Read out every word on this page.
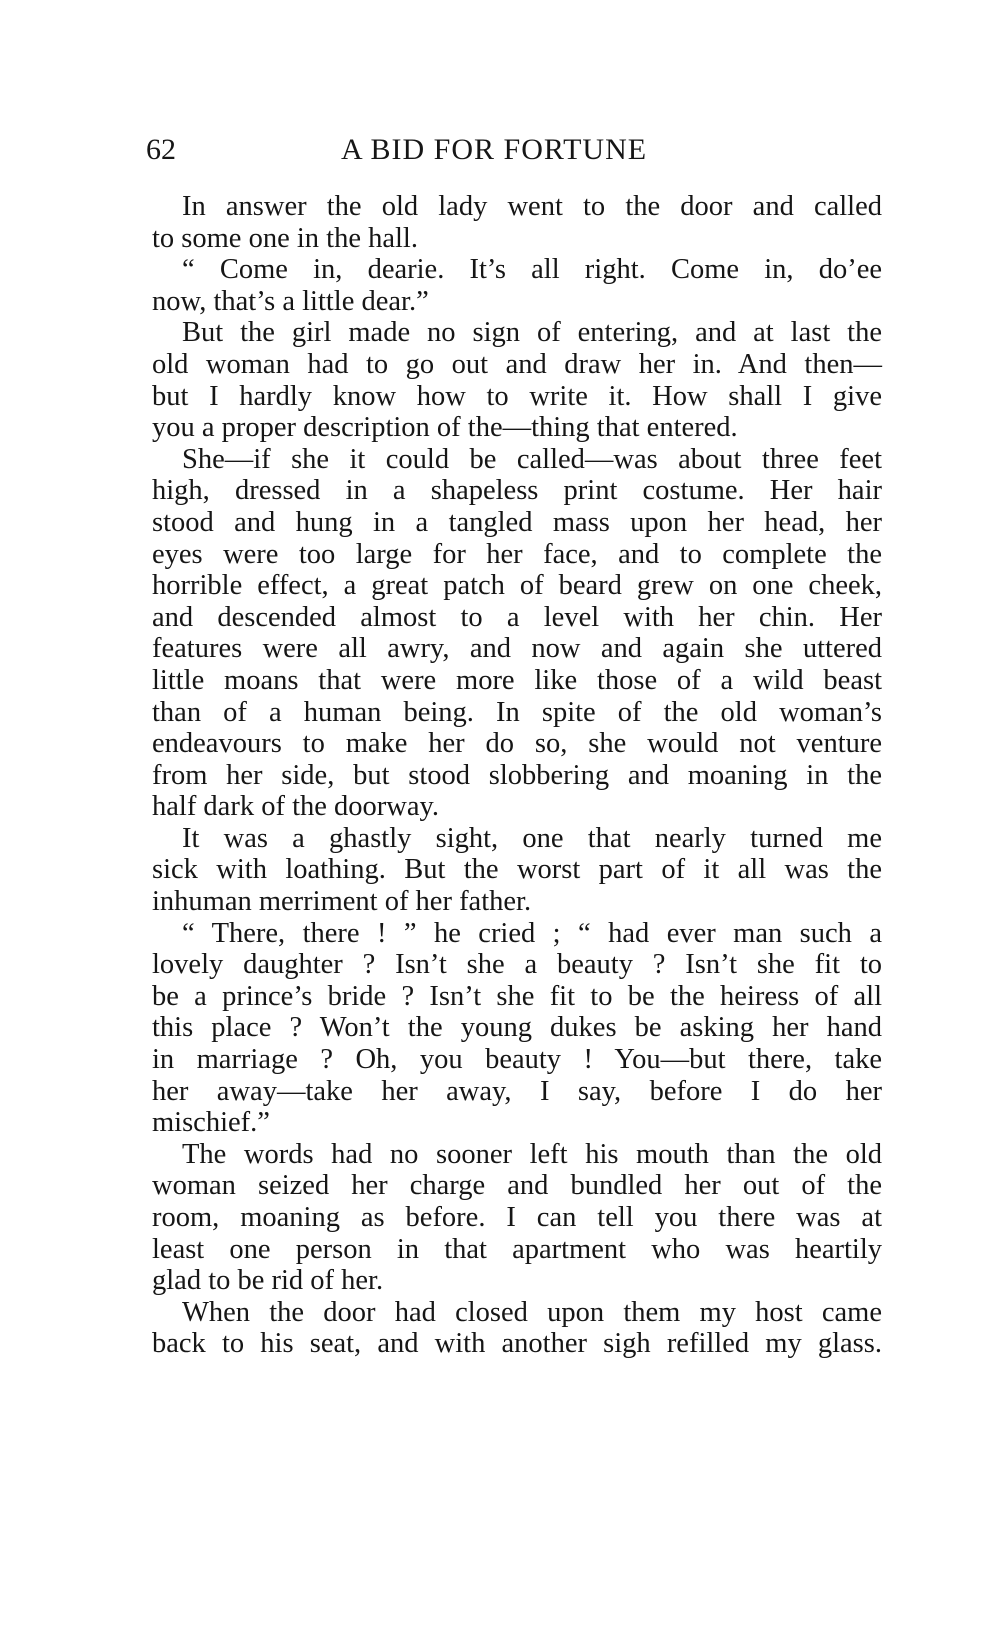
62	A BID FOR FORTUNE

In answer the old lady went to the door and called
to some one in the hall.

“ Come in, dearie. It’s all right. Come in, do’ee
now, that’s a little dear.”

But the girl made no sign of entering, and at last the
old woman had to go out and draw her in. And then—
but I hardly know how to write it. How shall I give
you a proper description of the—thing that entered.

She—if she it could be called—was about three feet
high, dressed in a shapeless print costume. Her hair
stood and hung in a tangled mass upon her head, her
eyes were too large for her face, and to complete the
horrible effect, a great patch of beard grew on one cheek,
and descended almost to a level with her chin. Her
features were all awry, and now and again she uttered
little moans that were more like those of a wild beast
than of a human being. In spite of the old woman’s
endeavours to make her do so, she would not venture
from her side, but stood slobbering and moaning in the
half dark of the doorway.

It was a ghastly sight, one that nearly turned me
sick with loathing. But the worst part of it all was the
inhuman merriment of her father.

“ There, there ! ” he cried ; “ had ever man such a
lovely daughter ? Isn’t she a beauty ? Isn’t she fit to
be a prince’s bride ? Isn’t she fit to be the heiress of all
this place ? Won’t the young dukes be asking her hand
in marriage ? Oh, you beauty ! You—but there, take
her away—take her away, I say, before I do her
mischief.”

The words had no sooner left his mouth than the old
woman seized her charge and bundled her out of the
room, moaning as before. I can tell you there was at
least one person in that apartment who was heartily
glad to be rid of her.

When the door had closed upon them my host came
back to his seat, and with another sigh refilled my glass.
